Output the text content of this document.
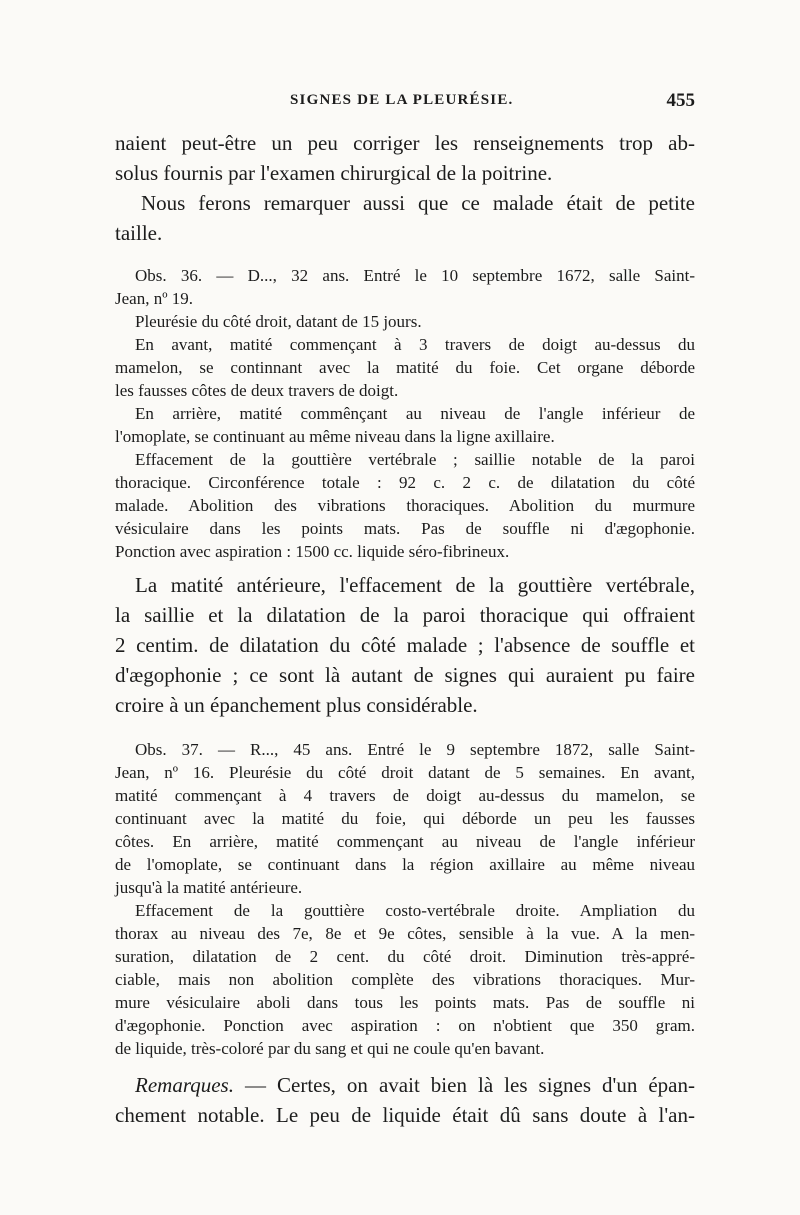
SIGNES DE LA PLEURÉSIE.	455
naient peut-être un peu corriger les renseignements trop ab-
solus fournis par l'examen chirurgical de la poitrine.
Nous ferons remarquer aussi que ce malade était de petite
taille.
Obs. 36. — D..., 32 ans. Entré le 10 septembre 1672, salle Saint-
Jean, nº 19.
Pleurésie du côté droit, datant de 15 jours.
En avant, matité commençant à 3 travers de doigt au-dessus du
mamelon, se continnant avec la matité du foie. Cet organe déborde
les fausses côtes de deux travers de doigt.
En arrière, matité commênçant au niveau de l'angle inférieur de
l'omoplate, se continuant au même niveau dans la ligne axillaire.
Effacement de la gouttière vertébrale ; saillie notable de la paroi
thoracique. Circonférence totale : 92 c. 2 c. de dilatation du côté
malade. Abolition des vibrations thoraciques. Abolition du murmure
vésiculaire dans les points mats. Pas de souffle ni d'ægophonie.
Ponction avec aspiration : 1500 cc. liquide séro-fibrineux.
La matité antérieure, l'effacement de la gouttière vertébrale,
la saillie et la dilatation de la paroi thoracique qui offraient
2 centim. de dilatation du côté malade ; l'absence de souffle et
d'ægophonie ; ce sont là autant de signes qui auraient pu faire
croire à un épanchement plus considérable.
Obs. 37. — R..., 45 ans. Entré le 9 septembre 1872, salle Saint-
Jean, nº 16. Pleurésie du côté droit datant de 5 semaines. En avant,
matité commençant à 4 travers de doigt au-dessus du mamelon, se
continuant avec la matité du foie, qui déborde un peu les fausses
côtes. En arrière, matité commençant au niveau de l'angle inférieur
de l'omoplate, se continuant dans la région axillaire au même niveau
jusqu'à la matité antérieure.
Effacement de la gouttière costo-vertébrale droite. Ampliation du
thorax au niveau des 7e, 8e et 9e côtes, sensible à la vue. A la men-
suration, dilatation de 2 cent. du côté droit. Diminution très-appré-
ciable, mais non abolition complète des vibrations thoraciques. Mur-
mure vésiculaire aboli dans tous les points mats. Pas de souffle ni
d'ægophonie. Ponction avec aspiration : on n'obtient que 350 gram.
de liquide, très-coloré par du sang et qui ne coule qu'en bavant.
Remarques. — Certes, on avait bien là les signes d'un épan-
chement notable. Le peu de liquide était dû sans doute à l'an-
